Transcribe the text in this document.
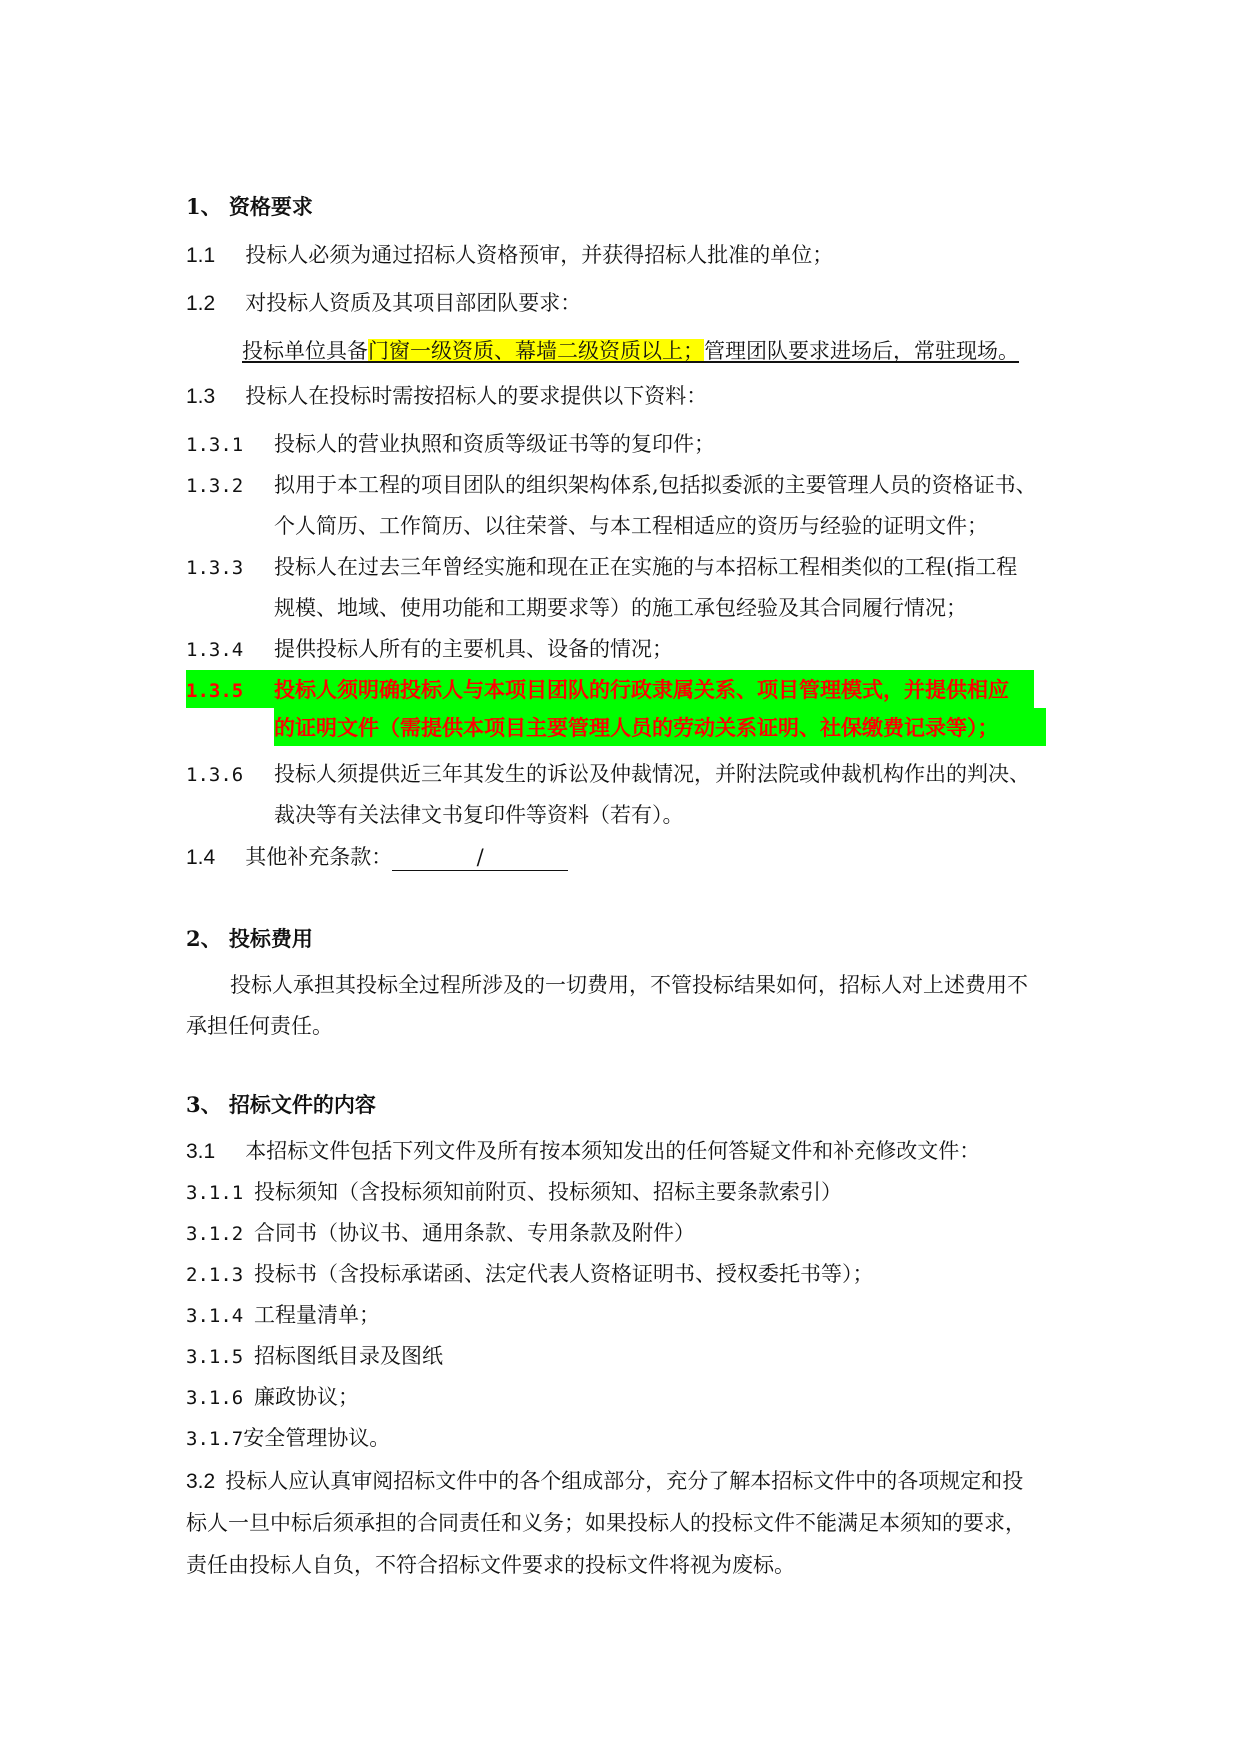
1、 资格要求
1.1 投标人必须为通过招标人资格预审，并获得招标人批准的单位；
1.2 对投标人资质及其项目部团队要求：
投标单位具备门窗一级资质、幕墙二级资质以上；管理团队要求进场后，常驻现场。
1.3 投标人在投标时需按招标人的要求提供以下资料：
1.3.1 投标人的营业执照和资质等级证书等的复印件；
1.3.2 拟用于本工程的项目团队的组织架构体系,包括拟委派的主要管理人员的资格证书、
个人简历、工作简历、以往荣誉、与本工程相适应的资历与经验的证明文件；
1.3.3 投标人在过去三年曾经实施和现在正在实施的与本招标工程相类似的工程(指工程
规模、地域、使用功能和工期要求等）的施工承包经验及其合同履行情况；
1.3.4 提供投标人所有的主要机具、设备的情况；
1.3.5 投标人须明确投标人与本项目团队的行政隶属关系、项目管理模式，并提供相应
的证明文件（需提供本项目主要管理人员的劳动关系证明、社保缴费记录等）；
1.3.6 投标人须提供近三年其发生的诉讼及仲裁情况，并附法院或仲裁机构作出的判决、
裁决等有关法律文书复印件等资料（若有）。
1.4 其他补充条款：	/
2、 投标费用
投标人承担其投标全过程所涉及的一切费用，不管投标结果如何，招标人对上述费用不
承担任何责任。
3、 招标文件的内容
3.1 本招标文件包括下列文件及所有按本须知发出的任何答疑文件和补充修改文件：
3.1.1 投标须知（含投标须知前附页、投标须知、招标主要条款索引）
3.1.2 合同书（协议书、通用条款、专用条款及附件）
2.1.3 投标书（含投标承诺函、法定代表人资格证明书、授权委托书等）；
3.1.4 工程量清单；
3.1.5 招标图纸目录及图纸
3.1.6 廉政协议；
3.1.7安全管理协议。
3.2 投标人应认真审阅招标文件中的各个组成部分，充分了解本招标文件中的各项规定和投
标人一旦中标后须承担的合同责任和义务；如果投标人的投标文件不能满足本须知的要求，
责任由投标人自负，不符合招标文件要求的投标文件将视为废标。
